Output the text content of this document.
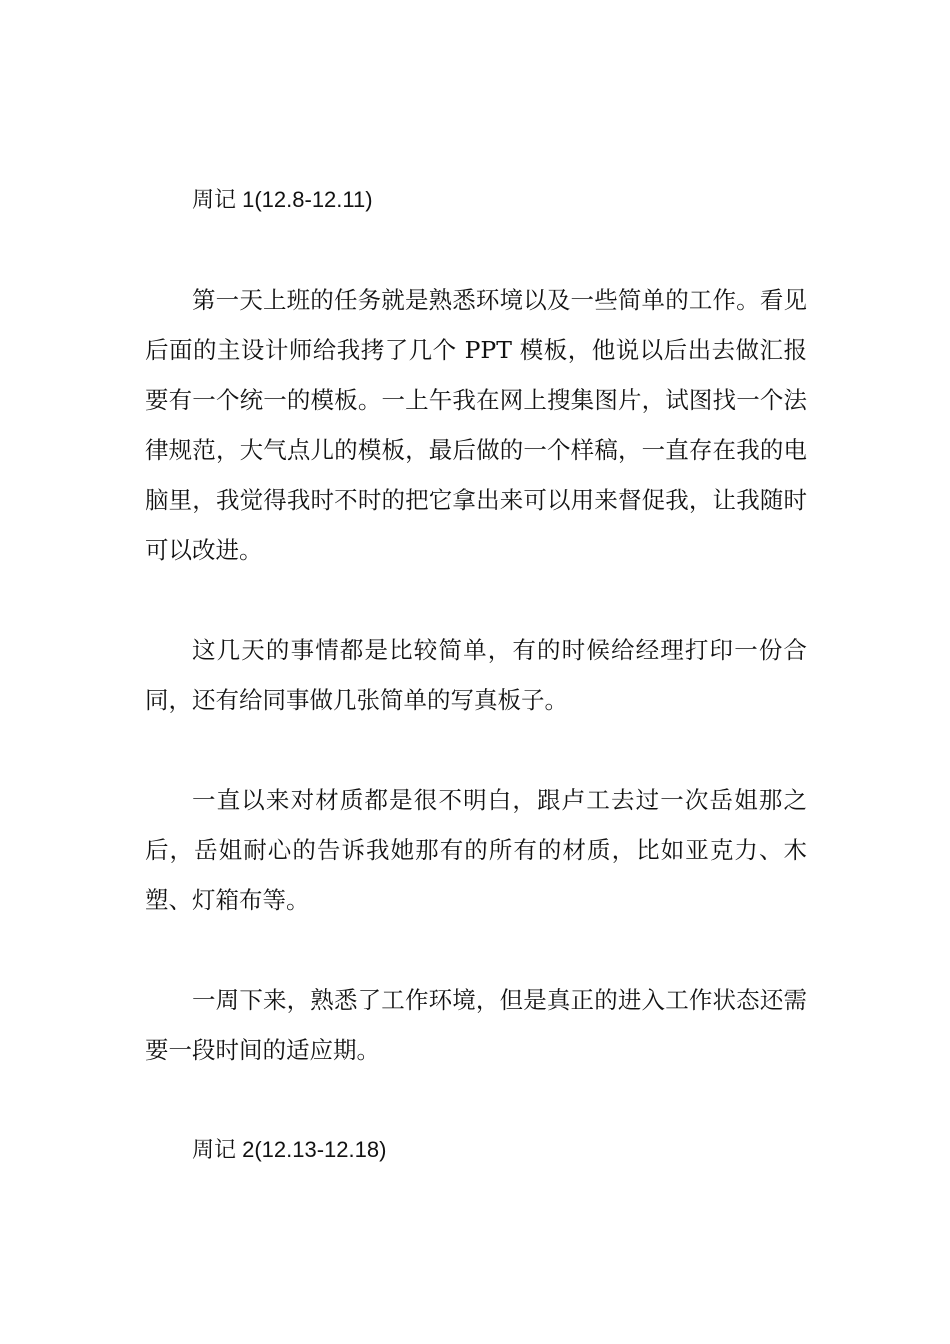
周记 1(12.8-12.11)

第一天上班的任务就是熟悉环境以及一些简单的工作。看见后面的主设计师给我拷了几个 PPT 模板，他说以后出去做汇报要有一个统一的模板。一上午我在网上搜集图片，试图找一个法律规范，大气点儿的模板，最后做的一个样稿，一直存在我的电脑里，我觉得我时不时的把它拿出来可以用来督促我，让我随时可以改进。

这几天的事情都是比较简单，有的时候给经理打印一份合同，还有给同事做几张简单的写真板子。

一直以来对材质都是很不明白，跟卢工去过一次岳姐那之后，岳姐耐心的告诉我她那有的所有的材质，比如亚克力、木塑、灯箱布等。

一周下来，熟悉了工作环境，但是真正的进入工作状态还需要一段时间的适应期。

周记 2(12.13-12.18)
